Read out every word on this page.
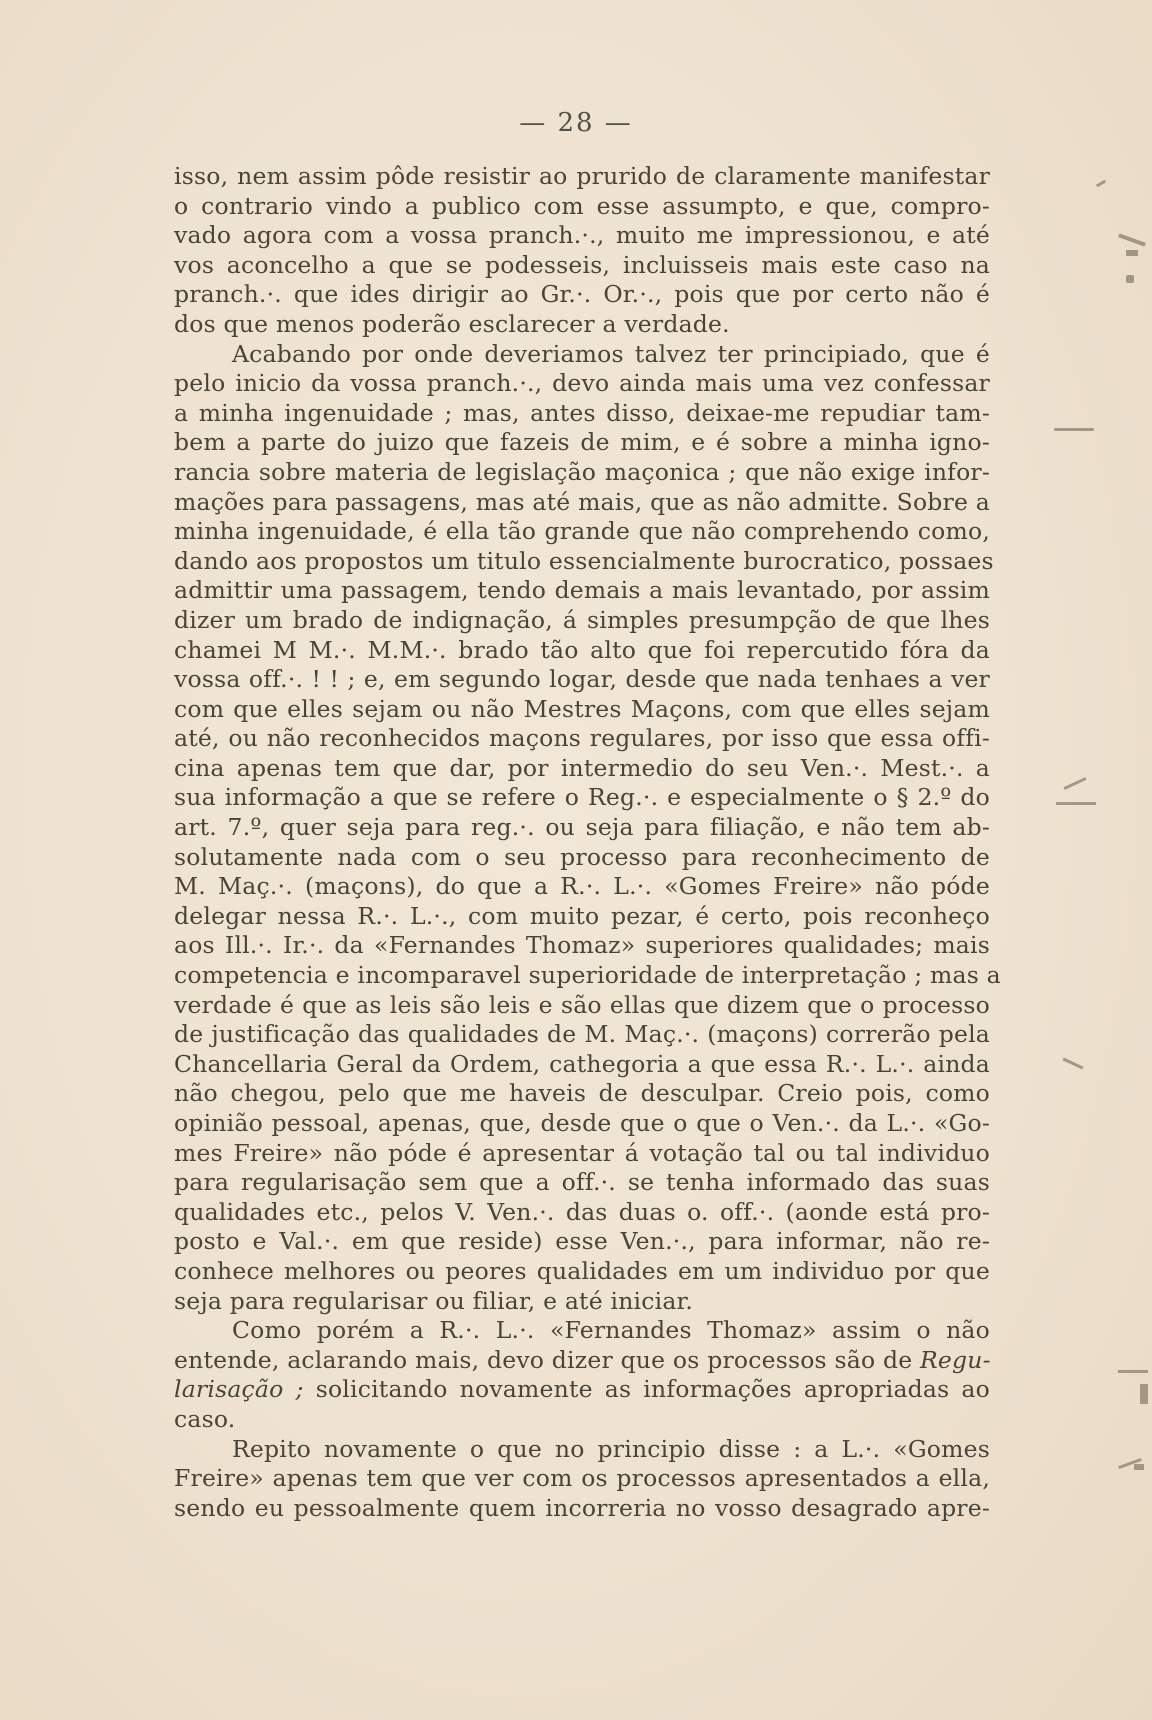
— 28 —
isso, nem assim pôde resistir ao prurido de claramente manifestar
o contrario vindo a publico com esse assumpto, e que, compro-
vado agora com a vossa pranch.·., muito me impressionou, e até
vos aconcelho a que se podesseis, incluisseis mais este caso na
pranch.·. que ides dirigir ao Gr.·. Or.·., pois que por certo não é
dos que menos poderão esclarecer a verdade.
Acabando por onde deveriamos talvez ter principiado, que é
pelo inicio da vossa pranch.·., devo ainda mais uma vez confessar
a minha ingenuidade ; mas, antes disso, deixae-me repudiar tam-
bem a parte do juizo que fazeis de mim, e é sobre a minha igno-
rancia sobre materia de legislação maçonica ; que não exige infor-
mações para passagens, mas até mais, que as não admitte. Sobre a
minha ingenuidade, é ella tão grande que não comprehendo como,
dando aos propostos um titulo essencialmente burocratico, possaes
admittir uma passagem, tendo demais a mais levantado, por assim
dizer um brado de indignação, á simples presumpção de que lhes
chamei M M.·. M.M.·. brado tão alto que foi repercutido fóra da
vossa off.·. ! ! ; e, em segundo logar, desde que nada tenhaes a ver
com que elles sejam ou não Mestres Maçons, com que elles sejam
até, ou não reconhecidos maçons regulares, por isso que essa offi-
cina apenas tem que dar, por intermedio do seu Ven.·. Mest.·. a
sua informação a que se refere o Reg.·. e especialmente o § 2.º do
art. 7.º, quer seja para reg.·. ou seja para filiação, e não tem ab-
solutamente nada com o seu processo para reconhecimento de
M. Maç.·. (maçons), do que a R.·. L.·. «Gomes Freire» não póde
delegar nessa R.·. L.·., com muito pezar, é certo, pois reconheço
aos Ill.·. Ir.·. da «Fernandes Thomaz» superiores qualidades; mais
competencia e incomparavel superioridade de interpretação ; mas a
verdade é que as leis são leis e são ellas que dizem que o processo
de justificação das qualidades de M. Maç.·. (maçons) correrão pela
Chancellaria Geral da Ordem, cathegoria a que essa R.·. L.·. ainda
não chegou, pelo que me haveis de desculpar. Creio pois, como
opinião pessoal, apenas, que, desde que o que o Ven.·. da L.·. «Go-
mes Freire» não póde é apresentar á votação tal ou tal individuo
para regularisação sem que a off.·. se tenha informado das suas
qualidades etc., pelos V. Ven.·. das duas o. off.·. (aonde está pro-
posto e Val.·. em que reside) esse Ven.·., para informar, não re-
conhece melhores ou peores qualidades em um individuo por que
seja para regularisar ou filiar, e até iniciar.
Como porém a R.·. L.·. «Fernandes Thomaz» assim o não
entende, aclarando mais, devo dizer que os processos são de Regu-
larisação ; solicitando novamente as informações apropriadas ao
caso.
Repito novamente o que no principio disse : a L.·. «Gomes
Freire» apenas tem que ver com os processos apresentados a ella,
sendo eu pessoalmente quem incorreria no vosso desagrado apre-
